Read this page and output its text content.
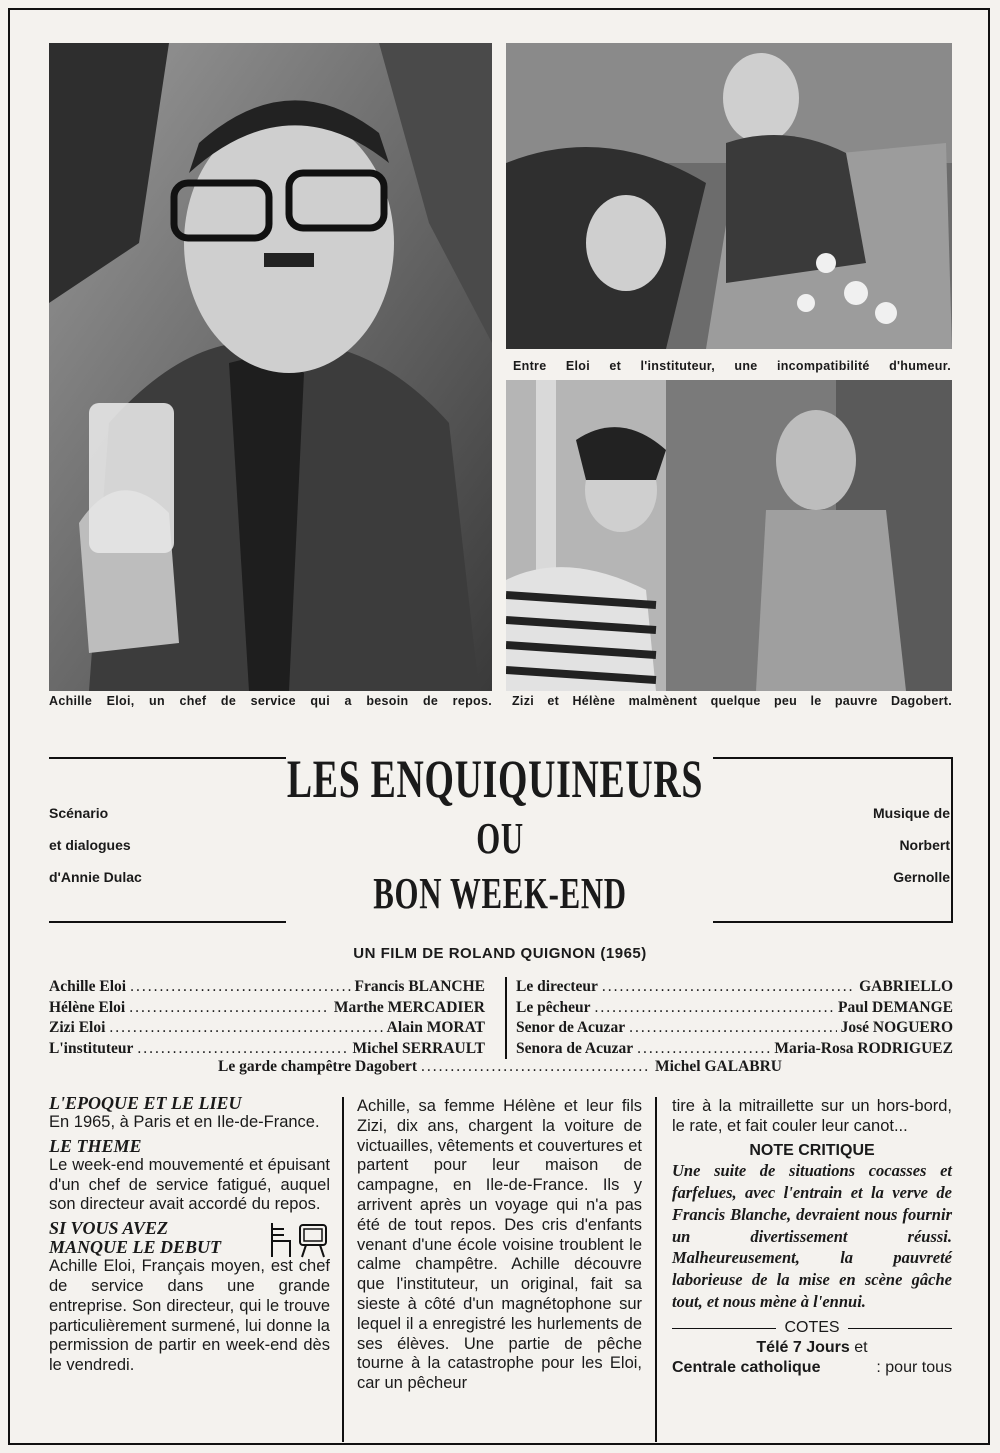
Achille Eloi, un chef de service qui a besoin de repos.
Entre Eloi et l'instituteur, une incompatibilité d'humeur.
Zizi et Hélène malmènent quelque peu le pauvre Dagobert.
Scénario
et dialogues
d'Annie Dulac
Musique de
Norbert
Gernolle
LES ENQUIQUINEURS
OU
BON WEEK-END
UN FILM DE ROLAND QUIGNON (1965)
Achille Eloi .....	Francis BLANCHE
Hélène Eloi .....	Marthe MERCADIER
Zizi Eloi .....	Alain MORAT
L'instituteur .....	Michel SERRAULT
Le directeur .....	GABRIELLO
Le pêcheur .....	Paul DEMANGE
Senor de Acuzar .....	José NOGUERO
Senora de Acuzar .....	Maria-Rosa RODRIGUEZ
Le garde champêtre Dagobert .....	Michel GALABRU
L'EPOQUE ET LE LIEU

En 1965, à Paris et en Ile-de-France.

LE THEME

Le week-end mouvementé et épuisant d'un chef de service fatigué, auquel son directeur avait accordé du repos.

SI VOUS AVEZ
MANQUE LE DEBUT

Achille Eloi, Français moyen, est chef de service dans une grande entreprise. Son directeur, qui le trouve particulièrement surmené, lui donne la permission de partir en week-end dès le vendredi.

Achille, sa femme Hélène et leur fils Zizi, dix ans, chargent la voiture de victuailles, vêtements et couvertures et partent pour leur maison de campagne, en Ile-de-France. Ils y arrivent après un voyage qui n'a pas été de tout repos. Des cris d'enfants venant d'une école voisine troublent le calme champêtre. Achille découvre que l'instituteur, un original, fait sa sieste à côté d'un magnétophone sur lequel il a enregistré les hurlements de ses élèves. Une partie de pêche tourne à la catastrophe pour les Eloi, car un pêcheur

tire à la mitraillette sur un hors-bord, le rate, et fait couler leur canot...

NOTE CRITIQUE
Une suite de situations cocasses et farfelues, avec l'entrain et la verve de Francis Blanche, devraient nous fournir un divertissement réussi. Malheureusement, la pauvreté laborieuse de la mise en scène gâche tout, et nous mène à l'ennui.
COTES
Télé 7 Jours et
Centrale catholique	: pour tous
